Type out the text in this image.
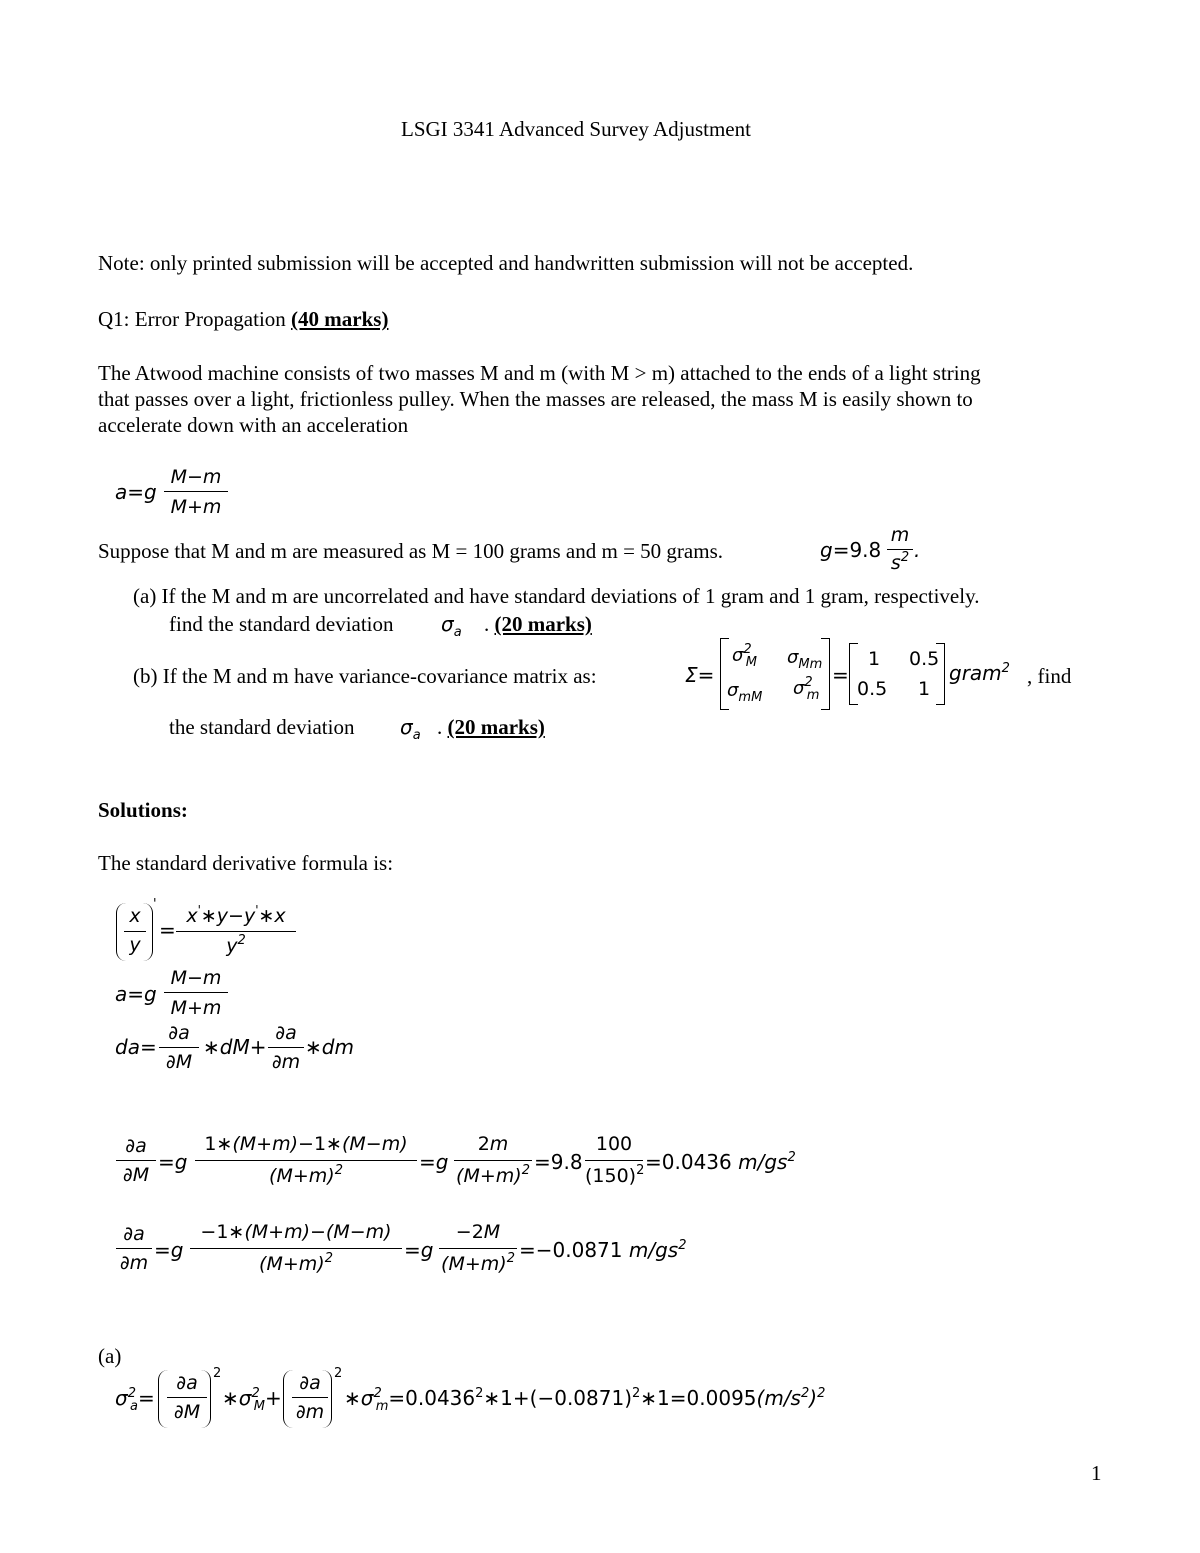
LSGI 3341 Advanced Survey Adjustment
Note: only printed submission will be accepted and handwritten submission will not be accepted.
Q1: Error Propagation (40 marks)
The Atwood machine consists of two masses M and m (with M > m) attached to the ends of a light string
that passes over a light, frictionless pulley. When the masses are released, the mass M is easily shown to
accelerate down with an acceleration
a=g
M−m
M+m
Suppose that M and m are measured as M = 100 grams and m = 50 grams.	g=9.8
m
$s^2$ .
(a) If the M and m are uncorrelated and have standard deviations of 1 gram and 1 gram, respectively.
find the standard deviation $\sigma_a$ . (20 marks)
(b) If the M and m have variance-covariance matrix as:	Σ=
$\sigma^2_M$ $\sigma_{Mm}$
$\sigma_{mM}$ $\sigma^2_m$
=
1 0.5
0.5 1
gram$^2$ , find
the standard deviation $\sigma_a$ . (20 marks)
Solutions:
The standard derivative formula is:
x
y
'
=
x'∗y−y'∗x
$y^2$
a=g
M−m
M+m
da=
∂a
∂M
∗dM+
∂a
∂m
∗dm
∂a
∂M
=g
1∗(M+m)−1∗(M−m)
$(M+m)^2$	=g
2m
$(M+m)^2 =9.8$
100
$(150)^2 =0.0436$ $m/gs^2$
∂a
∂m
=g
−1∗(M+m)−(M−m)
$(M+m)^2$	=g
−2M
$(M+m)^2 =-0.0871$ $m/gs^2$
(a)
$\sigma^2_a=$
∂a
∂M
2
$∗\sigma^2_M+$
∂a
∂m
2
$∗\sigma^2_m=0.0436^2∗1+(-0.0871)^2∗1=0.0095(m/s^2)^2$
1
